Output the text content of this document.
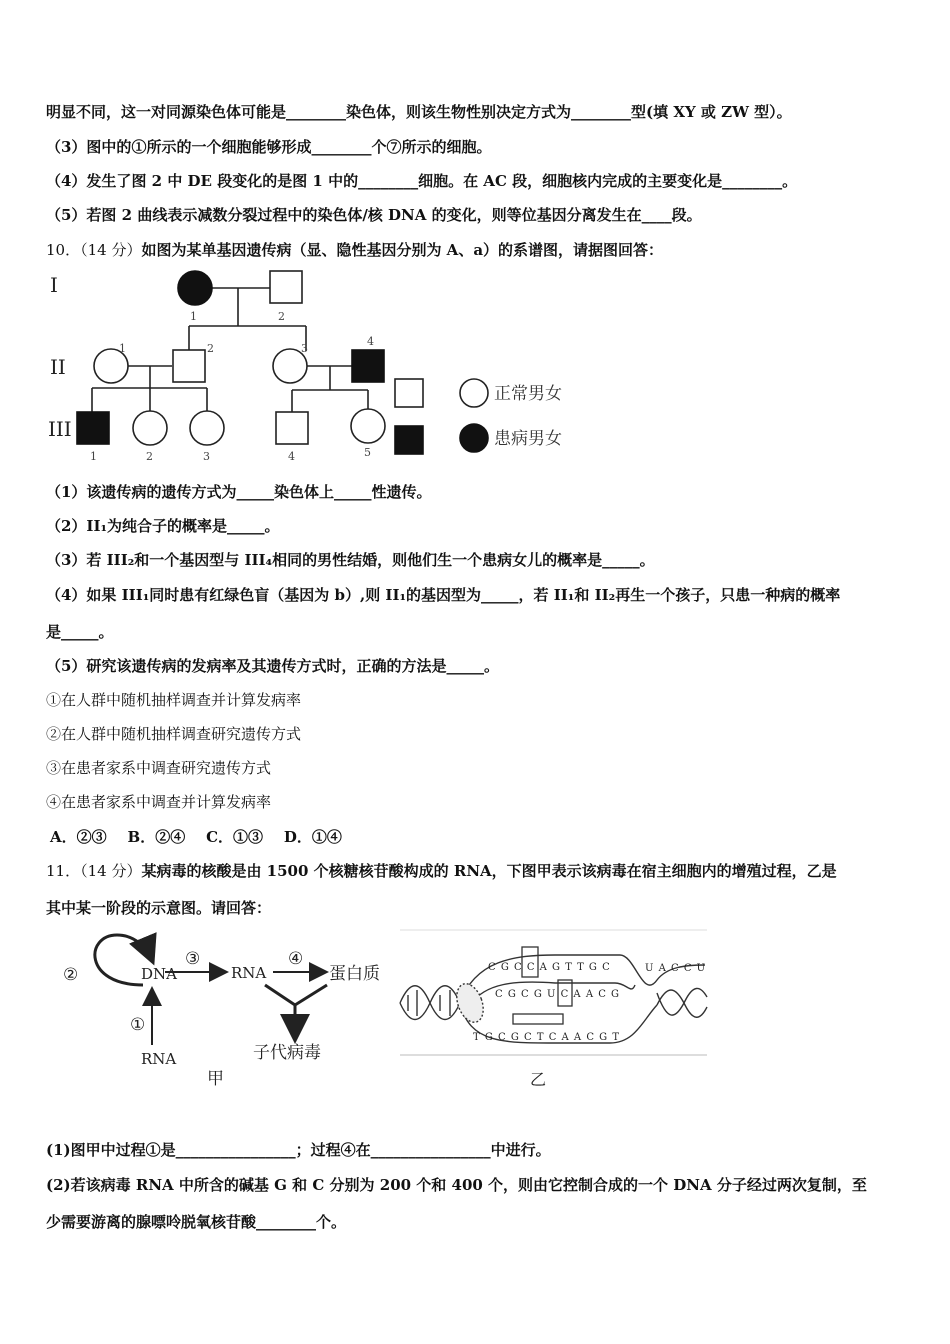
明显不同，这一对同源染色体可能是________染色体，则该生物性别决定方式为________型(填 XY 或 ZW 型）。
（3）图中的①所示的一个细胞能够形成________个⑦所示的细胞。
（4）发生了图 2 中 DE 段变化的是图 1 中的________细胞。在 AC 段，细胞核内完成的主要变化是________。
（5）若图 2 曲线表示减数分裂过程中的染色体/核 DNA 的变化，则等位基因分离发生在____段。
10．（14 分）如图为某单基因遗传病（显、隐性基因分别为 A、a）的系谱图，请据图回答：
I
II
III
1	2
1	2	3
4
1	2	3	4	5
正常男女
患病男女
（1）该遗传病的遗传方式为_____染色体上_____性遗传。
（2）II₁为纯合子的概率是_____。
（3）若 III₂和一个基因型与 III₄相同的男性结婚，则他们生一个患病女儿的概率是_____。
（4）如果 III₁同时患有红绿色盲（基因为 b）,则 II₁的基因型为_____，若 II₁和 II₂再生一个孩子，只患一种病的概率
是_____。
（5）研究该遗传病的发病率及其遗传方式时，正确的方法是_____。
①在人群中随机抽样调查并计算发病率
②在人群中随机抽样调查研究遗传方式
③在患者家系中调查研究遗传方式
④在患者家系中调查并计算发病率
A．②③    B．②④    C．①③    D．①④
11．（14 分）某病毒的核酸是由 1500 个核糖核苷酸构成的 RNA，下图甲表示该病毒在宿主细胞内的增殖过程，乙是
其中某一阶段的示意图。请回答：
②
③	④
①
DNA	RNA
RNA
蛋白质
子代病毒
甲
C G C C A G T T G C
C G C G U C A A C G
U A C C U
T G C G C T C A A C G T
乙
(1)图甲中过程①是________________；过程④在________________中进行。
(2)若该病毒 RNA 中所含的碱基 G 和 C 分别为 200 个和 400 个，则由它控制合成的一个 DNA 分子经过两次复制，至
少需要游离的腺嘌呤脱氧核苷酸________个。
